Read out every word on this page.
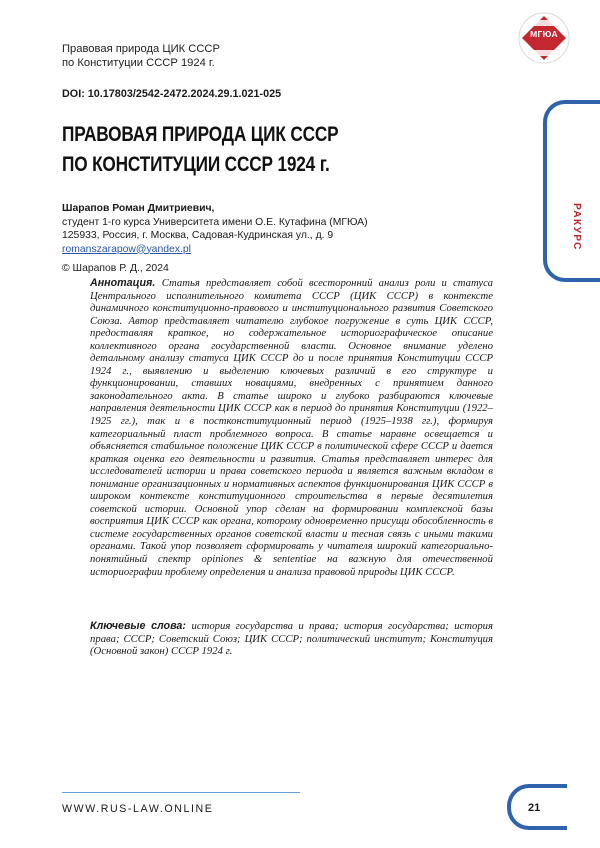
Правовая природа ЦИК СССР
по Конституции СССР 1924 г.
МГЮА
DOI: 10.17803/2542-2472.2024.29.1.021-025
РАКУРС
ПРАВОВАЯ ПРИРОДА ЦИК СССР
ПО КОНСТИТУЦИИ СССР 1924 г.
Шарапов Роман Дмитриевич,
студент 1-го курса Университета имени О.Е. Кутафина (МГЮА)
125933, Россия, г. Москва, Садовая-Кудринская ул., д. 9
romanszarapow@yandex.pl
© Шарапов Р. Д., 2024
Аннотация. Статья представляет собой всесторонний анализ роли и статуса Центрального исполнительного комитета СССР (ЦИК СССР) в контексте динамичного конституционно-правового и институционального развития Советского Союза. Автор представляет читателю глубокое погружение в суть ЦИК СССР, предоставляя краткое, но содержательное историографическое описание коллективного органа государственной власти. Основное внимание уделено детальному анализу статуса ЦИК СССР до и после принятия Конституции СССР 1924 г., выявлению и выделению ключевых различий в его структуре и функционировании, ставших новациями, внедренных с принятием данного законодательного акта. В статье широко и глубоко разбираются ключевые направления деятельности ЦИК СССР как в период до принятия Конституции (1922–1925 гг.), так и в постконституционный период (1925–1938 гг.), формируя категориальный пласт проблемного вопроса. В статье наравне освещается и объясняется стабильное положение ЦИК СССР в политической сфере СССР и дается краткая оценка его деятельности и развития. Статья представляет интерес для исследователей истории и права советского периода и является важным вкладом в понимание организационных и нормативных аспектов функционирования ЦИК СССР в широком контексте конституционного строительства в первые десятилетия советской истории. Основной упор сделан на формировании комплексной базы восприятия ЦИК СССР как органа, которому одновременно присущи обособленность в системе государственных органов советской власти и тесная связь с иными такими органами. Такой упор позволяет сформировать у читателя широкий категориально-понятийный спектр opiniones & sententiae на важную для отечественной историографии проблему определения и анализа правовой природы ЦИК СССР.
Ключевые слова: история государства и права; история государства; история права; СССР; Советский Союз; ЦИК СССР; политический институт; Конституция (Основной закон) СССР 1924 г.
WWW.RUS-LAW.ONLINE	21
